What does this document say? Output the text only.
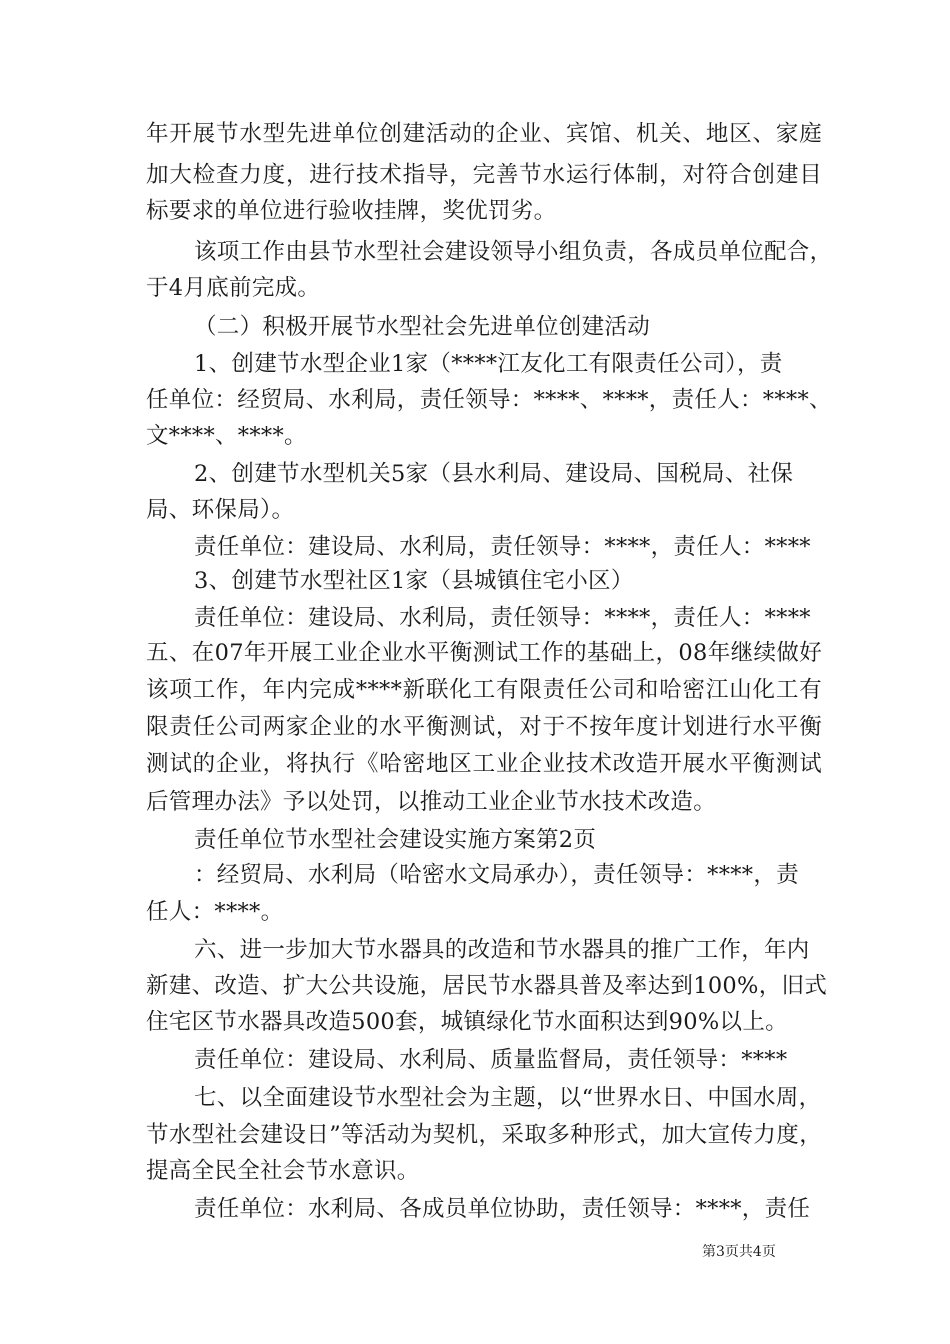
年开展节水型先进单位创建活动的企业、宾馆、机关、地区、家庭
加大检查力度，进行技术指导，完善节水运行体制，对符合创建目
标要求的单位进行验收挂牌，奖优罚劣。
该项工作由县节水型社会建设领导小组负责，各成员单位配合，
于4月底前完成。
（二）积极开展节水型社会先进单位创建活动
1、创建节水型企业1家（****江友化工有限责任公司），责
任单位：经贸局、水利局，责任领导：****、****，责任人：****、
文****、****。
2、创建节水型机关5家（县水利局、建设局、国税局、社保
局、环保局）。
责任单位：建设局、水利局，责任领导：****，责任人：****
3、创建节水型社区1家（县城镇住宅小区）
责任单位：建设局、水利局，责任领导：****，责任人：****
五、在07年开展工业企业水平衡测试工作的基础上，08年继续做好
该项工作，年内完成****新联化工有限责任公司和哈密江山化工有
限责任公司两家企业的水平衡测试，对于不按年度计划进行水平衡
测试的企业，将执行《哈密地区工业企业技术改造开展水平衡测试
后管理办法》予以处罚，以推动工业企业节水技术改造。
责任单位节水型社会建设实施方案第2页
：经贸局、水利局（哈密水文局承办），责任领导：****，责
任人：****。
六、进一步加大节水器具的改造和节水器具的推广工作，年内
新建、改造、扩大公共设施，居民节水器具普及率达到100%，旧式
住宅区节水器具改造500套，城镇绿化节水面积达到90%以上。
责任单位：建设局、水利局、质量监督局，责任领导：****
七、以全面建设节水型社会为主题，以“世界水日、中国水周，
节水型社会建设日”等活动为契机，采取多种形式，加大宣传力度，
提高全民全社会节水意识。
责任单位：水利局、各成员单位协助，责任领导：****，责任
第3页共4页
